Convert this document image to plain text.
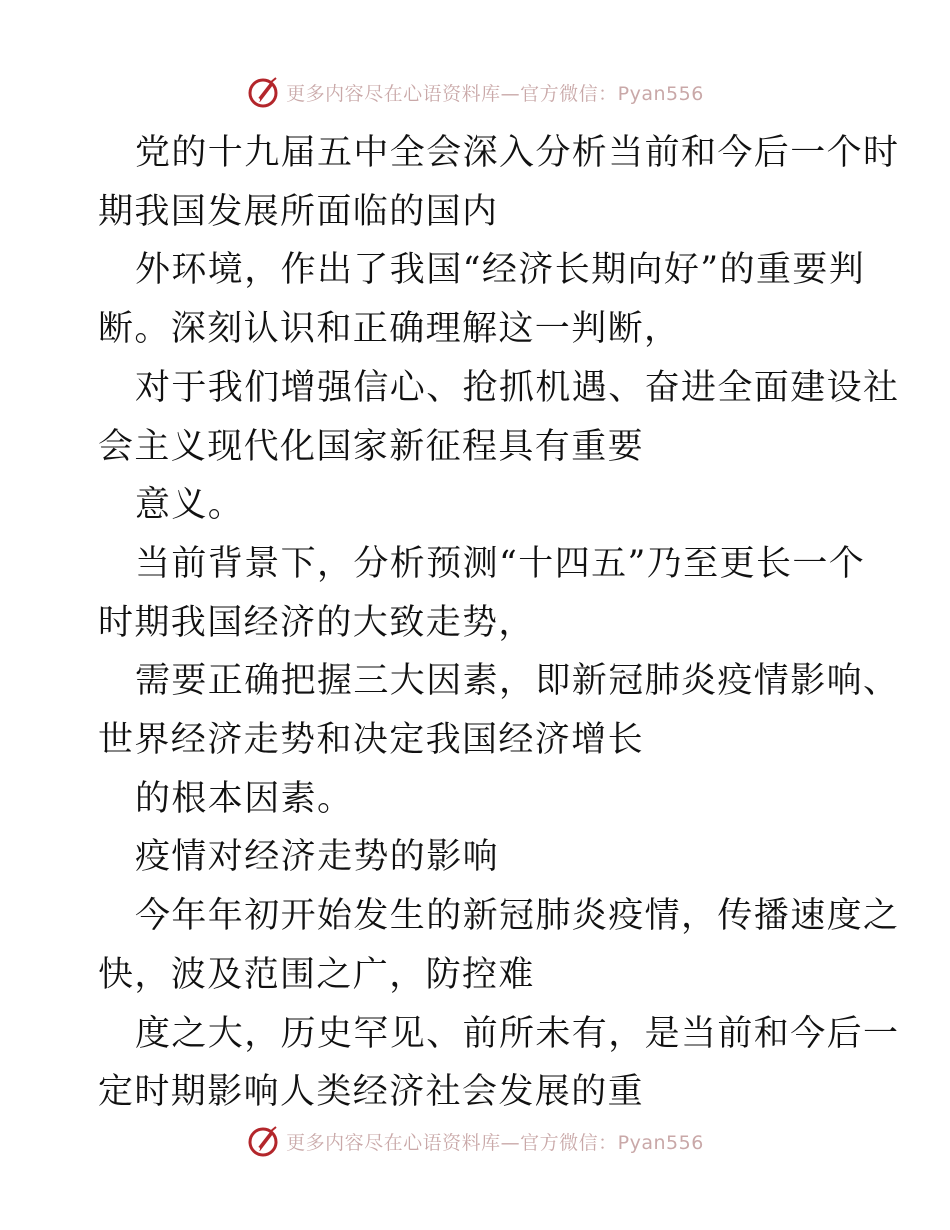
更多内容尽在心语资料库—官方微信：Pyan556

党的十九届五中全会深入分析当前和今后一个时
期我国发展所面临的国内

外环境，作出了我国“经济长期向好”的重要判
断。深刻认识和正确理解这一判断，

对于我们增强信心、抢抓机遇、奋进全面建设社
会主义现代化国家新征程具有重要

意义。

当前背景下，分析预测“十四五”乃至更长一个
时期我国经济的大致走势，

需要正确把握三大因素，即新冠肺炎疫情影响、
世界经济走势和决定我国经济增长

的根本因素。

疫情对经济走势的影响

今年年初开始发生的新冠肺炎疫情，传播速度之
快，波及范围之广，防控难

度之大，历史罕见、前所未有，是当前和今后一
定时期影响人类经济社会发展的重

更多内容尽在心语资料库—官方微信：Pyan556
